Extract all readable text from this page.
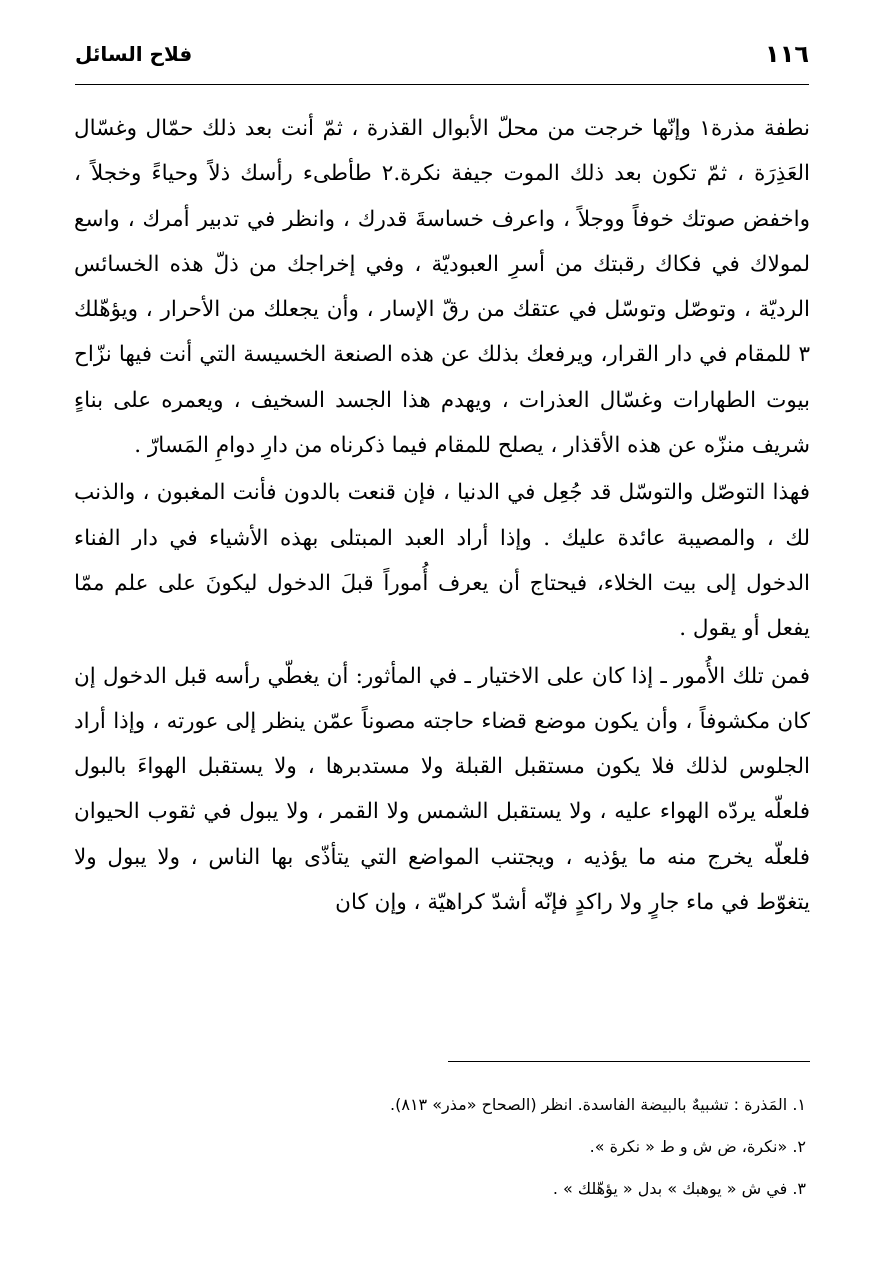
١١٦
فلاح السائل

نطفة مذرة١ وإنّها خرجت من محلّ الأبوال القذرة ، ثمّ أنت بعد ذلك حمّال وغسّال العَذِرَة ، ثمّ تكون بعد ذلك الموت جيفة نكرة.٢ طأطىء رأسك ذلاً وحياءً وخجلاً ، واخفض صوتك خوفاً ووجلاً ، واعرف خساسةَ قدرك ، وانظر في تدبير أمرك ، واسع لمولاك في فكاك رقبتك من أسرِ العبوديّة ، وفي إخراجك من ذلّ هذه الخسائس الرديّة ، وتوصّل وتوسّل في عتقك من رقّ الإسار ، وأن يجعلك من الأحرار ، ويؤهّلك ٣ للمقام في دار القرار، ويرفعك بذلك عن هذه الصنعة الخسيسة التي أنت فيها نزّاح بيوت الطهارات وغسّال العذرات ، ويهدم هذا الجسد السخيف ، ويعمره على بناءٍ شريف منزّه عن هذه الأقذار ، يصلح للمقام فيما ذكرناه من دارِ دوامِ المَسارّ .

فهذا التوصّل والتوسّل قد جُعِل في الدنيا ، فإن قنعت بالدون فأنت المغبون ، والذنب لك ، والمصيبة عائدة عليك . وإذا أراد العبد المبتلى بهذه الأشياء في دار الفناء الدخول إلى بيت الخلاء، فيحتاج أن يعرف أُموراً قبلَ الدخول ليكونَ على علم ممّا يفعل أو يقول .

فمن تلك الأُمور ـ إذا كان على الاختيار ـ في المأثور: أن يغطّي رأسه قبل الدخول إن كان مكشوفاً ، وأن يكون موضع قضاء حاجته مصوناً عمّن ينظر إلى عورته ، وإذا أراد الجلوس لذلك فلا يكون مستقبل القبلة ولا مستدبرها ، ولا يستقبل الهواءَ بالبول فلعلّه يردّه الهواء عليه ، ولا يستقبل الشمس ولا القمر ، ولا يبول في ثقوب الحيوان فلعلّه يخرج منه ما يؤذيه ، ويجتنب المواضع التي يتأذّى بها الناس ، ولا يبول ولا يتغوّط في ماء جارٍ ولا راكدٍ فإنّه أشدّ كراهيّة ، وإن كان

١. المَذرة : تشبيهٌ بالبيضة الفاسدة. انظر (الصحاح «مذر» ٨١٣).

٢. «نكرة، ض ش و ط « نكرة ».

٣. في ش « يوهبك » بدل « يؤهّلك » .
